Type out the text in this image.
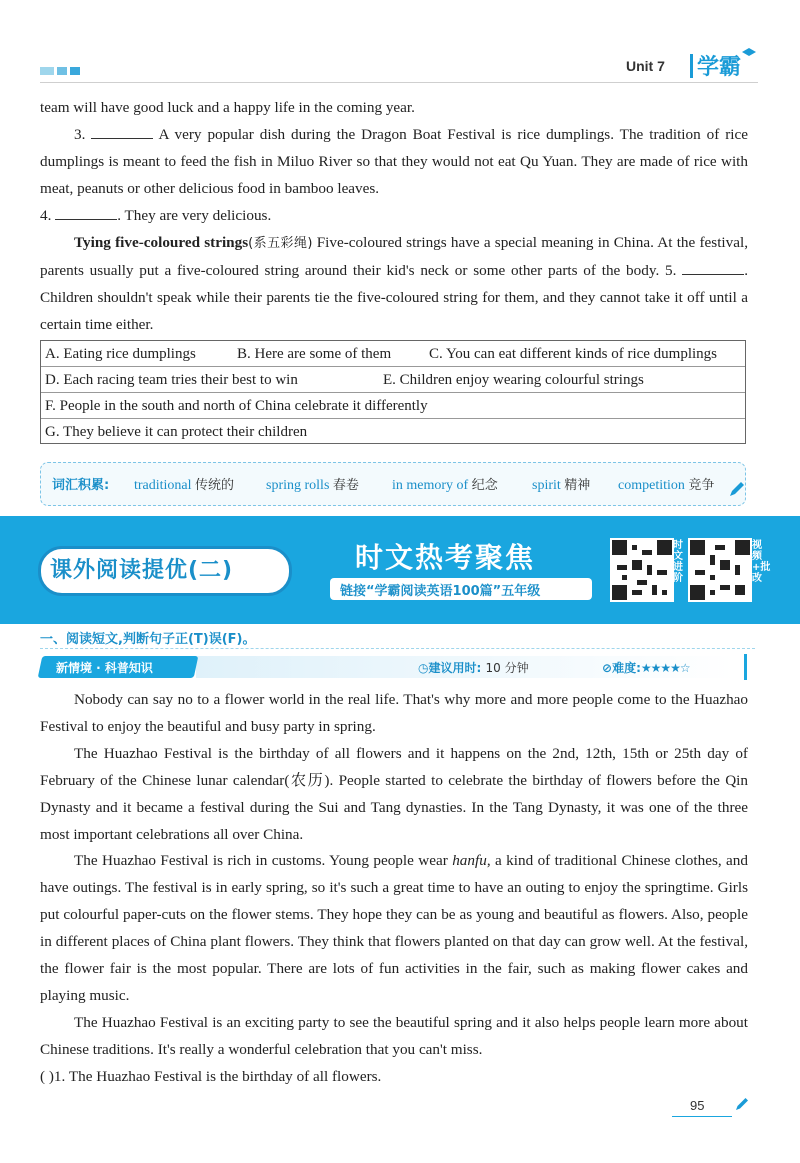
Unit 7 学霸
team will have good luck and a happy life in the coming year.
3.	A very popular dish during the Dragon Boat Festival is rice dumplings. The tradition of rice dumplings is meant to feed the fish in Miluo River so that they would not eat Qu Yuan. They are made of rice with meat, peanuts or other delicious food in bamboo leaves.
4.	. They are very delicious.
Tying five-coloured strings(系五彩绳) Five-coloured strings have a special meaning in China. At the festival, parents usually put a five-coloured string around their kid's neck or some other parts of the body. 5.	. Children shouldn't speak while their parents tie the five-coloured string for them, and they cannot take it off until a certain time either.
A. Eating rice dumplings	B. Here are some of them	C. You can eat different kinds of rice dumplings
D. Each racing team tries their best to win	E. Children enjoy wearing colourful strings
F. People in the south and north of China celebrate it differently
G. They believe it can protect their children
词汇积累: traditional 传统的 spring rolls 春卷 in memory of 纪念 spirit 精神 competition 竞争
课外阅读提优(二)	时文热考聚焦
链接“学霸阅读英语100篇”五年级
时文进阶
视频+批改
一、阅读短文,判断句子正(T)误(F)。
新情境 · 科普知识	◷建议用时: 10 分钟	⊘难度:★★★★☆
Nobody can say no to a flower world in the real life. That's why more and more people come to the Huazhao Festival to enjoy the beautiful and busy party in spring.
The Huazhao Festival is the birthday of all flowers and it happens on the 2nd, 12th, 15th or 25th day of February of the Chinese lunar calendar(农历). People started to celebrate the birthday of flowers before the Qin Dynasty and it became a festival during the Sui and Tang dynasties. In the Tang Dynasty, it was one of the three most important celebrations all over China.
The Huazhao Festival is rich in customs. Young people wear hanfu, a kind of traditional Chinese clothes, and have outings. The festival is in early spring, so it's such a great time to have an outing to enjoy the springtime. Girls put colourful paper-cuts on the flower stems. They hope they can be as young and beautiful as flowers. Also, people in different places of China plant flowers. They think that flowers planted on that day can grow well. At the festival, the flower fair is the most popular. There are lots of fun activities in the fair, such as making flower cakes and playing music.
The Huazhao Festival is an exciting party to see the beautiful spring and it also helps people learn more about Chinese traditions. It's really a wonderful celebration that you can't miss.
( )1. The Huazhao Festival is the birthday of all flowers.
95
